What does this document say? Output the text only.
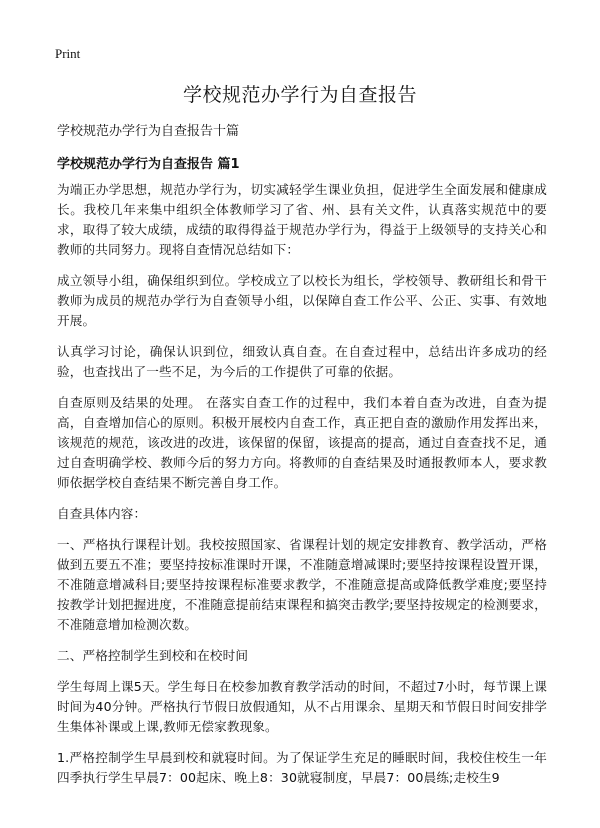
Print
学校规范办学行为自查报告

学校规范办学行为自查报告十篇

学校规范办学行为自查报告 篇1

为端正办学思想，规范办学行为，切实减轻学生课业负担，促进学生全面发展和健康成长。我校几年来集中组织全体教师学习了省、州、县有关文件，认真落实规范中的要求，取得了较大成绩，成绩的取得得益于规范办学行为，得益于上级领导的支持关心和教师的共同努力。现将自查情况总结如下：

成立领导小组，确保组织到位。学校成立了以校长为组长，学校领导、教研组长和骨干教师为成员的规范办学行为自查领导小组，以保障自查工作公平、公正、实事、有效地开展。

认真学习讨论，确保认识到位，细致认真自查。在自查过程中，总结出许多成功的经验，也查找出了一些不足，为今后的工作提供了可靠的依据。

自查原则及结果的处理。 在落实自查工作的过程中，我们本着自查为改进，自查为提高，自查增加信心的原则。积极开展校内自查工作，真正把自查的激励作用发挥出来，该规范的规范，该改进的改进，该保留的保留，该提高的提高，通过自查查找不足，通过自查明确学校、教师今后的努力方向。将教师的自查结果及时通报教师本人，要求教师依据学校自查结果不断完善自身工作。

自查具体内容：

一、严格执行课程计划。我校按照国家、省课程计划的规定安排教育、教学活动，严格做到五要五不准；要坚持按标准课时开课，不准随意增减课时;要坚持按课程设置开课，不准随意增减科目;要坚持按课程标准要求教学，不准随意提高或降低教学难度;要坚持按教学计划把握进度，不准随意提前结束课程和搞突击教学;要坚持按规定的检测要求，不准随意增加检测次数。

二、严格控制学生到校和在校时间

学生每周上课5天。学生每日在校参加教育教学活动的时间，不超过7小时，每节课上课时间为40分钟。严格执行节假日放假通知，从不占用课余、星期天和节假日时间安排学生集体补课或上课,教师无偿家教现象。

1.严格控制学生早晨到校和就寝时间。为了保证学生充足的睡眠时间，我校住校生一年四季执行学生早晨7：00起床、晚上8：30就寝制度，早晨7：00晨练;走校生9
